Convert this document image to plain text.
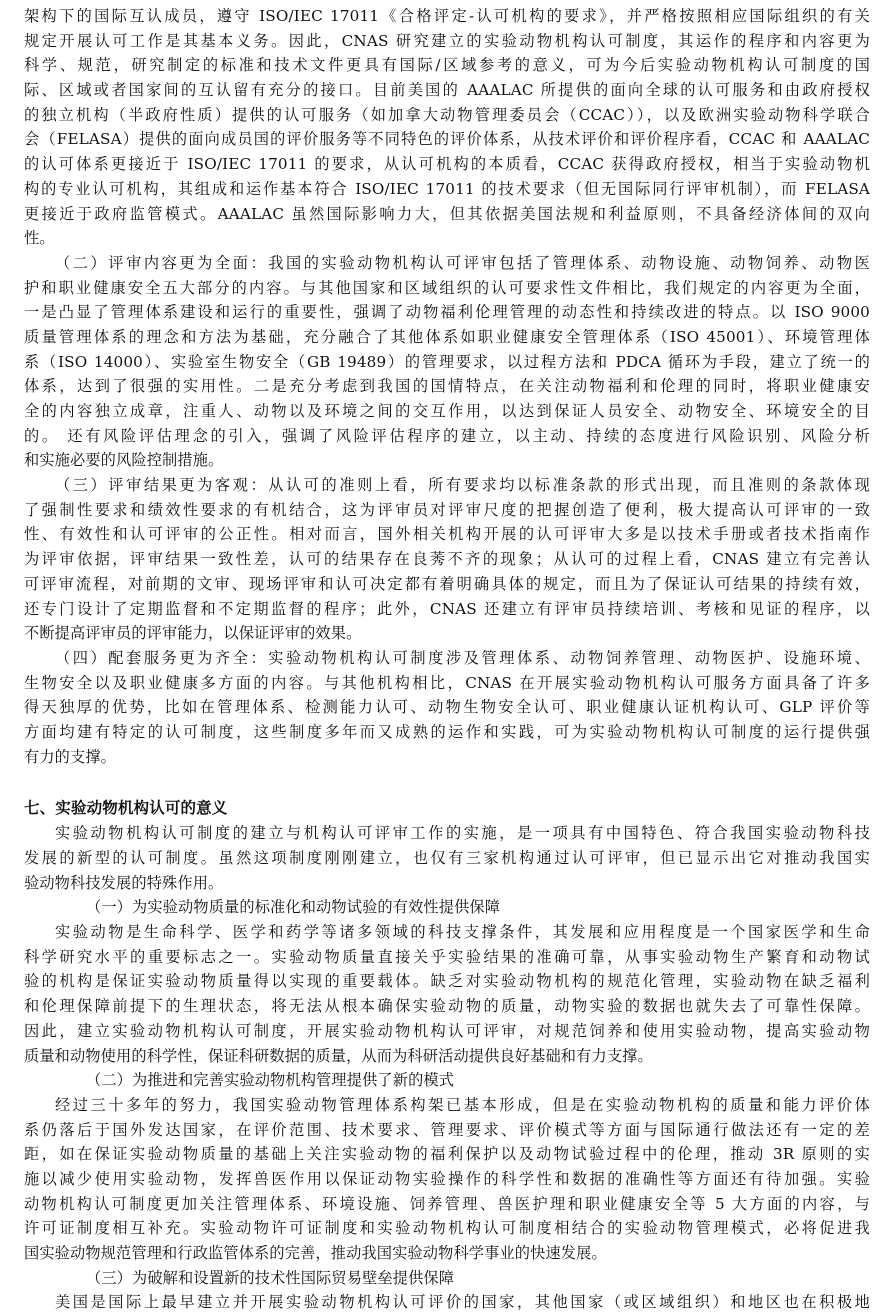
架构下的国际互认成员，遵守 ISO/IEC 17011《合格评定-认可机构的要求》，并严格按照相应国际组织的有关
规定开展认可工作是其基本义务。因此，CNAS 研究建立的实验动物机构认可制度，其运作的程序和内容更为
科学、规范，研究制定的标准和技术文件更具有国际/区域参考的意义，可为今后实验动物机构认可制度的国
际、区域或者国家间的互认留有充分的接口。目前美国的 AAALAC 所提供的面向全球的认可服务和由政府授权
的独立机构（半政府性质）提供的认可服务（如加拿大动物管理委员会（CCAC）），以及欧洲实验动物科学联合
会（FELASA）提供的面向成员国的评价服务等不同特色的评价体系，从技术评价和评价程序看，CCAC 和 AAALAC
的认可体系更接近于 ISO/IEC 17011 的要求，从认可机构的本质看，CCAC 获得政府授权，相当于实验动物机
构的专业认可机构，其组成和运作基本符合 ISO/IEC 17011 的技术要求（但无国际同行评审机制），而 FELASA
更接近于政府监管模式。AAALAC 虽然国际影响力大，但其依据美国法规和利益原则，不具备经济体间的双向
性。
（二）评审内容更为全面：我国的实验动物机构认可评审包括了管理体系、动物设施、动物饲养、动物医
护和职业健康安全五大部分的内容。与其他国家和区域组织的认可要求性文件相比，我们规定的内容更为全面，
一是凸显了管理体系建设和运行的重要性，强调了动物福利伦理管理的动态性和持续改进的特点。以 ISO 9000
质量管理体系的理念和方法为基础，充分融合了其他体系如职业健康安全管理体系（ISO 45001）、环境管理体
系（ISO 14000）、实验室生物安全（GB 19489）的管理要求，以过程方法和 PDCA 循环为手段，建立了统一的
体系，达到了很强的实用性。二是充分考虑到我国的国情特点，在关注动物福利和伦理的同时，将职业健康安
全的内容独立成章，注重人、动物以及环境之间的交互作用，以达到保证人员安全、动物安全、环境安全的目
的。 还有风险评估理念的引入，强调了风险评估程序的建立，以主动、持续的态度进行风险识别、风险分析
和实施必要的风险控制措施。
（三）评审结果更为客观：从认可的准则上看，所有要求均以标准条款的形式出现，而且准则的条款体现
了强制性要求和绩效性要求的有机结合，这为评审员对评审尺度的把握创造了便利，极大提高认可评审的一致
性、有效性和认可评审的公正性。相对而言，国外相关机构开展的认可评审大多是以技术手册或者技术指南作
为评审依据，评审结果一致性差，认可的结果存在良莠不齐的现象；从认可的过程上看，CNAS 建立有完善认
可评审流程，对前期的文审、现场评审和认可决定都有着明确具体的规定，而且为了保证认可结果的持续有效，
还专门设计了定期监督和不定期监督的程序；此外，CNAS 还建立有评审员持续培训、考核和见证的程序，以
不断提高评审员的评审能力，以保证评审的效果。
（四）配套服务更为齐全：实验动物机构认可制度涉及管理体系、动物饲养管理、动物医护、设施环境、
生物安全以及职业健康多方面的内容。与其他机构相比，CNAS 在开展实验动物机构认可服务方面具备了许多
得天独厚的优势，比如在管理体系、检测能力认可、动物生物安全认可、职业健康认证机构认可、GLP 评价等
方面均建有特定的认可制度，这些制度多年而又成熟的运作和实践，可为实验动物机构认可制度的运行提供强
有力的支撑。
七、实验动物机构认可的意义
实验动物机构认可制度的建立与机构认可评审工作的实施，是一项具有中国特色、符合我国实验动物科技
发展的新型的认可制度。虽然这项制度刚刚建立，也仅有三家机构通过认可评审，但已显示出它对推动我国实
验动物科技发展的特殊作用。
（一）为实验动物质量的标准化和动物试验的有效性提供保障
实验动物是生命科学、医学和药学等诸多领域的科技支撑条件，其发展和应用程度是一个国家医学和生命
科学研究水平的重要标志之一。实验动物质量直接关乎实验结果的准确可靠，从事实验动物生产繁育和动物试
验的机构是保证实验动物质量得以实现的重要载体。缺乏对实验动物机构的规范化管理，实验动物在缺乏福利
和伦理保障前提下的生理状态，将无法从根本确保实验动物的质量，动物实验的数据也就失去了可靠性保障。
因此，建立实验动物机构认可制度，开展实验动物机构认可评审，对规范饲养和使用实验动物，提高实验动物
质量和动物使用的科学性，保证科研数据的质量，从而为科研活动提供良好基础和有力支撑。
（二）为推进和完善实验动物机构管理提供了新的模式
经过三十多年的努力，我国实验动物管理体系构架已基本形成，但是在实验动物机构的质量和能力评价体
系仍落后于国外发达国家，在评价范围、技术要求、管理要求、评价模式等方面与国际通行做法还有一定的差
距，如在保证实验动物质量的基础上关注实验动物的福利保护以及动物试验过程中的伦理，推动 3R 原则的实
施以减少使用实验动物，发挥兽医作用以保证动物实验操作的科学性和数据的准确性等方面还有待加强。实验
动物机构认可制度更加关注管理体系、环境设施、饲养管理、兽医护理和职业健康安全等 5 大方面的内容，与
许可证制度相互补充。实验动物许可证制度和实验动物机构认可制度相结合的实验动物管理模式，必将促进我
国实验动物规范管理和行政监管体系的完善，推动我国实验动物科学事业的快速发展。
（三）为破解和设置新的技术性国际贸易壁垒提供保障
美国是国际上最早建立并开展实验动物机构认可评价的国家，其他国家（或区域组织）和地区也在积极地
